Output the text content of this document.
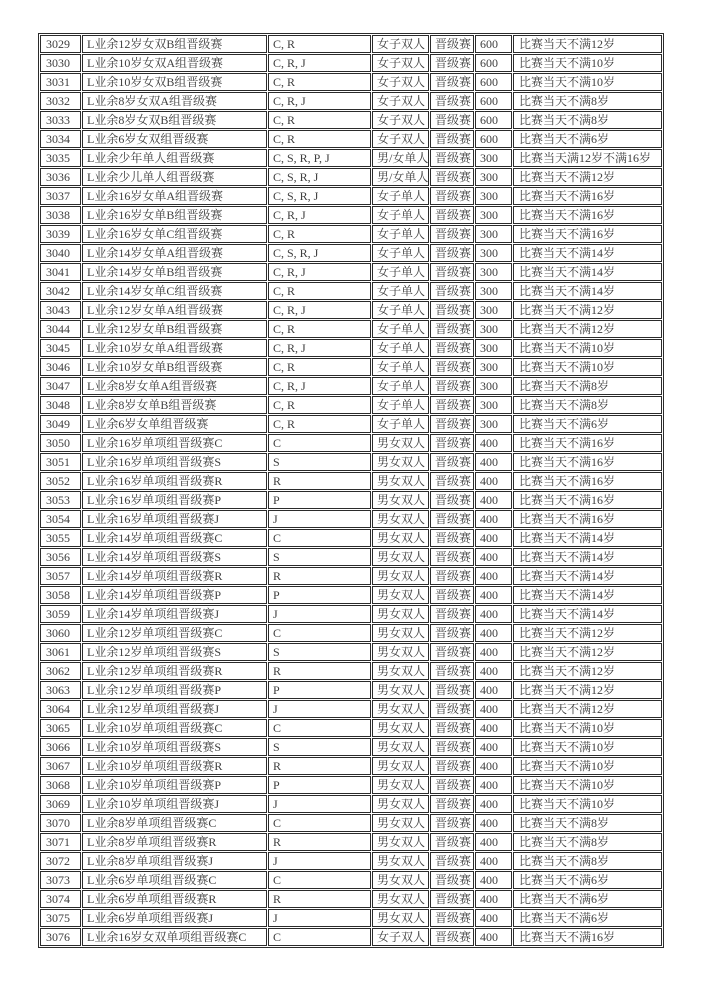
3029	L业余12岁女双B组晋级赛	C, R	女子双人	晋级赛	600	比赛当天不满12岁
3030	L业余10岁女双A组晋级赛	C, R, J	女子双人	晋级赛	600	比赛当天不满10岁
3031	L业余10岁女双B组晋级赛	C, R	女子双人	晋级赛	600	比赛当天不满10岁
3032	L业余8岁女双A组晋级赛	C, R, J	女子双人	晋级赛	600	比赛当天不满8岁
3033	L业余8岁女双B组晋级赛	C, R	女子双人	晋级赛	600	比赛当天不满8岁
3034	L业余6岁女双组晋级赛	C, R	女子双人	晋级赛	600	比赛当天不满6岁
3035	L业余少年单人组晋级赛	C, S, R, P, J	男/女单人	晋级赛	300	比赛当天满12岁不满16岁
3036	L业余少儿单人组晋级赛	C, S, R, J	男/女单人	晋级赛	300	比赛当天不满12岁
3037	L业余16岁女单A组晋级赛	C, S, R, J	女子单人	晋级赛	300	比赛当天不满16岁
3038	L业余16岁女单B组晋级赛	C, R, J	女子单人	晋级赛	300	比赛当天不满16岁
3039	L业余16岁女单C组晋级赛	C, R	女子单人	晋级赛	300	比赛当天不满16岁
3040	L业余14岁女单A组晋级赛	C, S, R, J	女子单人	晋级赛	300	比赛当天不满14岁
3041	L业余14岁女单B组晋级赛	C, R, J	女子单人	晋级赛	300	比赛当天不满14岁
3042	L业余14岁女单C组晋级赛	C, R	女子单人	晋级赛	300	比赛当天不满14岁
3043	L业余12岁女单A组晋级赛	C, R, J	女子单人	晋级赛	300	比赛当天不满12岁
3044	L业余12岁女单B组晋级赛	C, R	女子单人	晋级赛	300	比赛当天不满12岁
3045	L业余10岁女单A组晋级赛	C, R, J	女子单人	晋级赛	300	比赛当天不满10岁
3046	L业余10岁女单B组晋级赛	C, R	女子单人	晋级赛	300	比赛当天不满10岁
3047	L业余8岁女单A组晋级赛	C, R, J	女子单人	晋级赛	300	比赛当天不满8岁
3048	L业余8岁女单B组晋级赛	C, R	女子单人	晋级赛	300	比赛当天不满8岁
3049	L业余6岁女单组晋级赛	C, R	女子单人	晋级赛	300	比赛当天不满6岁
3050	L业余16岁单项组晋级赛C	C	男女双人	晋级赛	400	比赛当天不满16岁
3051	L业余16岁单项组晋级赛S	S	男女双人	晋级赛	400	比赛当天不满16岁
3052	L业余16岁单项组晋级赛R	R	男女双人	晋级赛	400	比赛当天不满16岁
3053	L业余16岁单项组晋级赛P	P	男女双人	晋级赛	400	比赛当天不满16岁
3054	L业余16岁单项组晋级赛J	J	男女双人	晋级赛	400	比赛当天不满16岁
3055	L业余14岁单项组晋级赛C	C	男女双人	晋级赛	400	比赛当天不满14岁
3056	L业余14岁单项组晋级赛S	S	男女双人	晋级赛	400	比赛当天不满14岁
3057	L业余14岁单项组晋级赛R	R	男女双人	晋级赛	400	比赛当天不满14岁
3058	L业余14岁单项组晋级赛P	P	男女双人	晋级赛	400	比赛当天不满14岁
3059	L业余14岁单项组晋级赛J	J	男女双人	晋级赛	400	比赛当天不满14岁
3060	L业余12岁单项组晋级赛C	C	男女双人	晋级赛	400	比赛当天不满12岁
3061	L业余12岁单项组晋级赛S	S	男女双人	晋级赛	400	比赛当天不满12岁
3062	L业余12岁单项组晋级赛R	R	男女双人	晋级赛	400	比赛当天不满12岁
3063	L业余12岁单项组晋级赛P	P	男女双人	晋级赛	400	比赛当天不满12岁
3064	L业余12岁单项组晋级赛J	J	男女双人	晋级赛	400	比赛当天不满12岁
3065	L业余10岁单项组晋级赛C	C	男女双人	晋级赛	400	比赛当天不满10岁
3066	L业余10岁单项组晋级赛S	S	男女双人	晋级赛	400	比赛当天不满10岁
3067	L业余10岁单项组晋级赛R	R	男女双人	晋级赛	400	比赛当天不满10岁
3068	L业余10岁单项组晋级赛P	P	男女双人	晋级赛	400	比赛当天不满10岁
3069	L业余10岁单项组晋级赛J	J	男女双人	晋级赛	400	比赛当天不满10岁
3070	L业余8岁单项组晋级赛C	C	男女双人	晋级赛	400	比赛当天不满8岁
3071	L业余8岁单项组晋级赛R	R	男女双人	晋级赛	400	比赛当天不满8岁
3072	L业余8岁单项组晋级赛J	J	男女双人	晋级赛	400	比赛当天不满8岁
3073	L业余6岁单项组晋级赛C	C	男女双人	晋级赛	400	比赛当天不满6岁
3074	L业余6岁单项组晋级赛R	R	男女双人	晋级赛	400	比赛当天不满6岁
3075	L业余6岁单项组晋级赛J	J	男女双人	晋级赛	400	比赛当天不满6岁
3076	L业余16岁女双单项组晋级赛C	C	女子双人	晋级赛	400	比赛当天不满16岁
